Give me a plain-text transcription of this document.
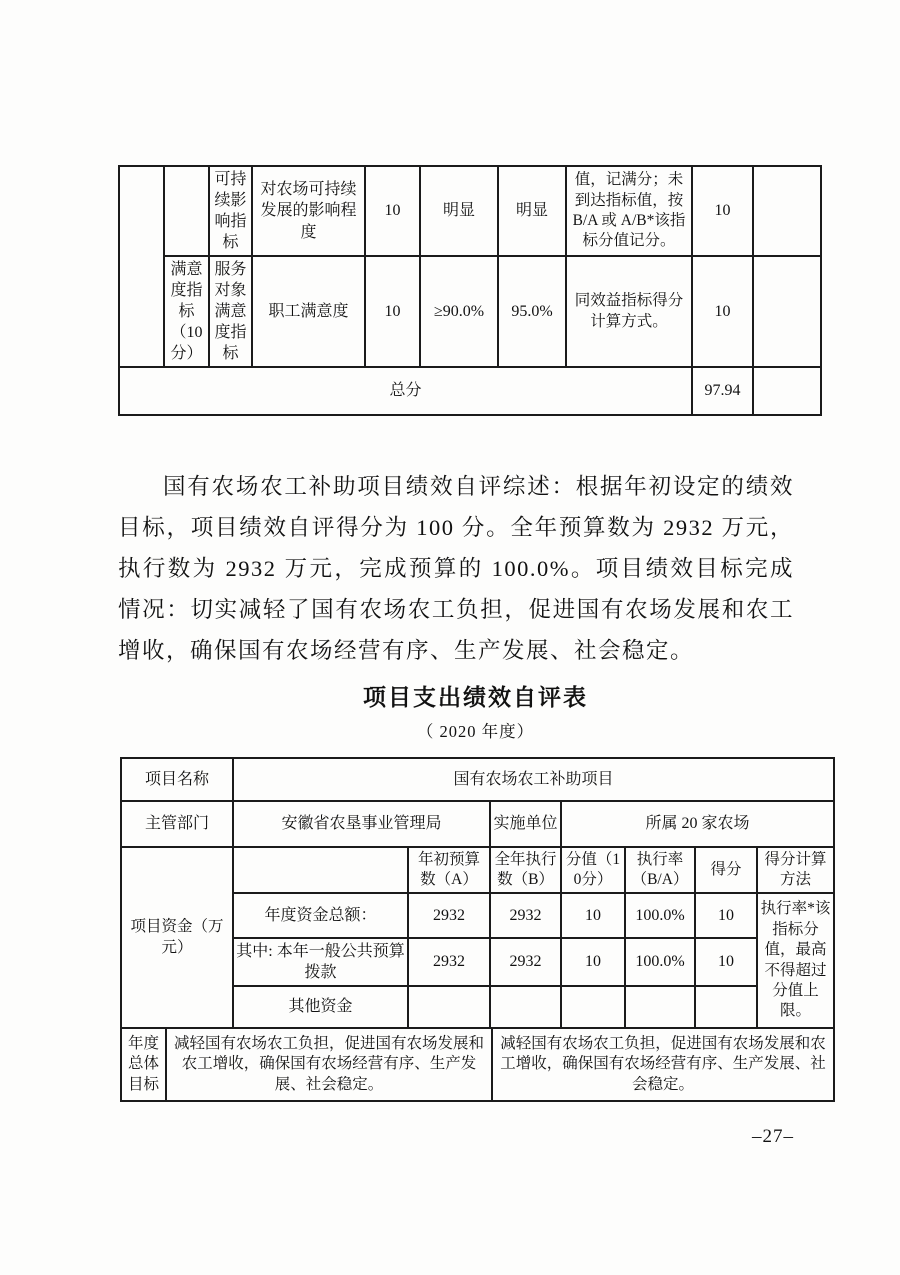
		可持续影响指标	对农场可持续发展的影响程度	10	明显	明显	值，记满分；未到达指标值，按 B/A 或 A/B*该指标分值记分。	10	
	满意度指标（10分）	服务对象满意度指标	职工满意度	10	≥90.0%	95.0%	同效益指标得分计算方式。	10	
总分								97.94	
国有农场农工补助项目绩效自评综述：根据年初设定的绩效目标，项目绩效自评得分为 100 分。全年预算数为 2932 万元，执行数为 2932 万元，完成预算的 100.0%。项目绩效目标完成情况：切实减轻了国有农场农工负担，促进国有农场发展和农工增收，确保国有农场经营有序、生产发展、社会稳定。
项目支出绩效自评表
（ 2020 年度）
项目名称	国有农场农工补助项目						
主管部门	安徽省农垦事业管理局		实施单位	所属 20 家农场			
项目资金（万元）		年初预算数（A）	全年执行数（B）	分值（10分）	执行率（B/A）	得分	得分计算方法
	年度资金总额：	2932	2932	10	100.0%	10	执行率*该指标分值，最高不得超过分值上限。
	其中: 本年一般公共预算拨款	2932	2932	10	100.0%	10	
	其他资金						
年度总体目标	减轻国有农场农工负担，促进国有农场发展和农工增收，确保国有农场经营有序、生产发展、社会稳定。	减轻国有农场农工负担，促进国有农场发展和农工增收，确保国有农场经营有序、生产发展、社会稳定。
–27–
